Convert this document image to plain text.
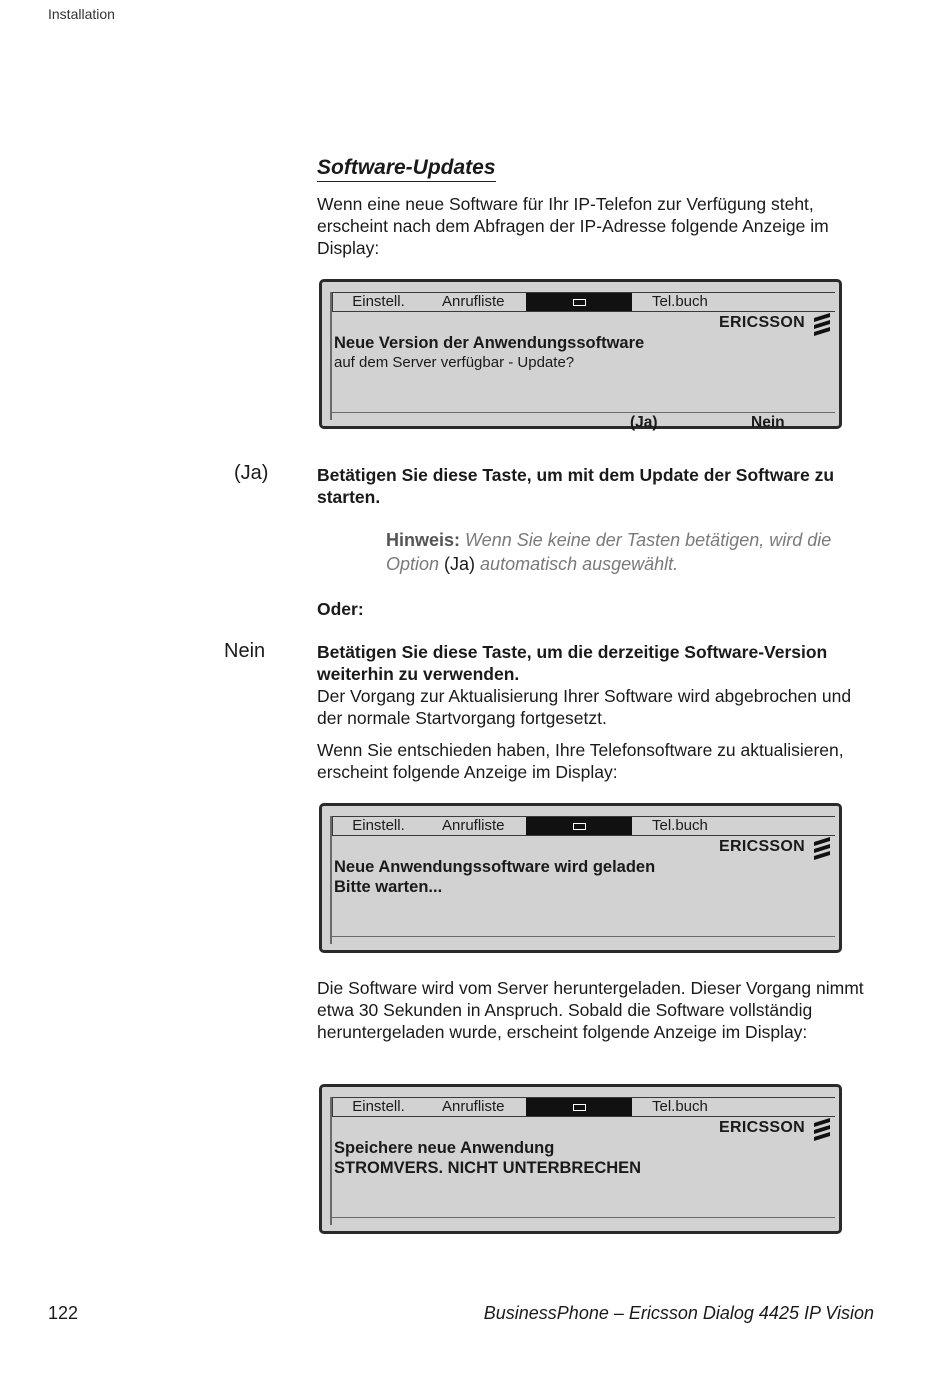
Installation
Software-Updates
Wenn eine neue Software für Ihr IP-Telefon zur Verfügung steht, erscheint nach dem Abfragen der IP-Adresse folgende Anzeige im Display:
Einstell.	Anrufliste	Tel.buch
ERICSSON
Neue Version der Anwendungssoftware
auf dem Server verfügbar - Update?
(Ja)	Nein
(Ja)	Betätigen Sie diese Taste, um mit dem Update der Software zu starten.
Hinweis: Wenn Sie keine der Tasten betätigen, wird die Option (Ja) automatisch ausgewählt.
Oder:
Nein	Betätigen Sie diese Taste, um die derzeitige Software-Version weiterhin zu verwenden.

Der Vorgang zur Aktualisierung Ihrer Software wird abgebrochen und der normale Startvorgang fortgesetzt.

Wenn Sie entschieden haben, Ihre Telefonsoftware zu aktualisieren, erscheint folgende Anzeige im Display:
Einstell.	Anrufliste	Tel.buch
ERICSSON
Neue Anwendungssoftware wird geladen
Bitte warten...
Die Software wird vom Server heruntergeladen. Dieser Vorgang nimmt etwa 30 Sekunden in Anspruch. Sobald die Software vollständig heruntergeladen wurde, erscheint folgende Anzeige im Display:
Einstell.	Anrufliste	Tel.buch
ERICSSON
Speichere neue Anwendung
STROMVERS. NICHT UNTERBRECHEN
122	BusinessPhone – Ericsson Dialog 4425 IP Vision
